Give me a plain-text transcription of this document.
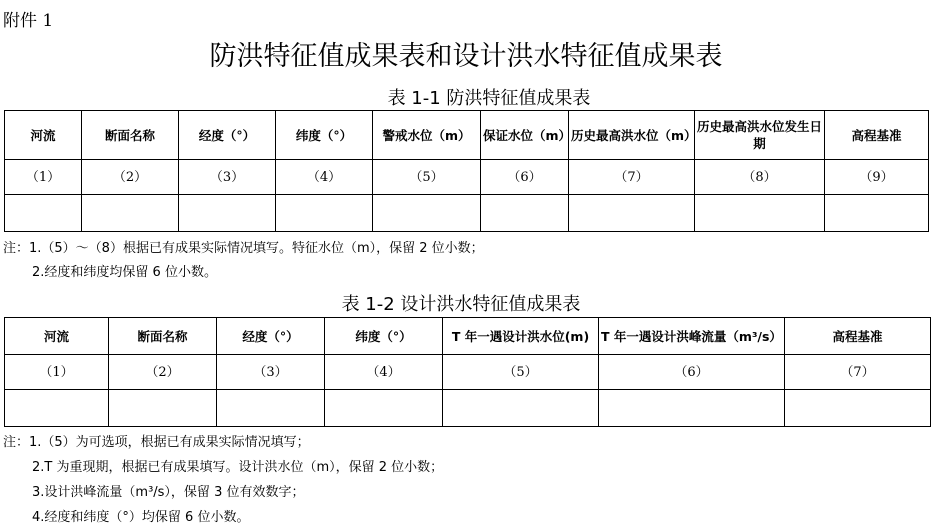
附件 1
防洪特征值成果表和设计洪水特征值成果表
表 1-1 防洪特征值成果表
河流	断面名称	经度（°）	纬度（°）	警戒水位（m）	保证水位（m）	历史最高洪水位（m）	历史最高洪水位发生日期	高程基准
（1）	（2）	（3）	（4）	（5）	（6）	（7）	（8）	（9）

注：1.（5）～（8）根据已有成果实际情况填写。特征水位（m），保留 2 位小数；
2.经度和纬度均保留 6 位小数。
表 1-2 设计洪水特征值成果表
河流	断面名称	经度（°）	纬度（°）	T 年一遇设计洪水位(m)	T 年一遇设计洪峰流量（m³/s）	高程基准
（1）	（2）	（3）	（4）	（5）	（6）	（7）

注：1.（5）为可选项，根据已有成果实际情况填写；
2.T 为重现期，根据已有成果填写。设计洪水位（m），保留 2 位小数；
3.设计洪峰流量（m³/s），保留 3 位有效数字；
4.经度和纬度（°）均保留 6 位小数。
